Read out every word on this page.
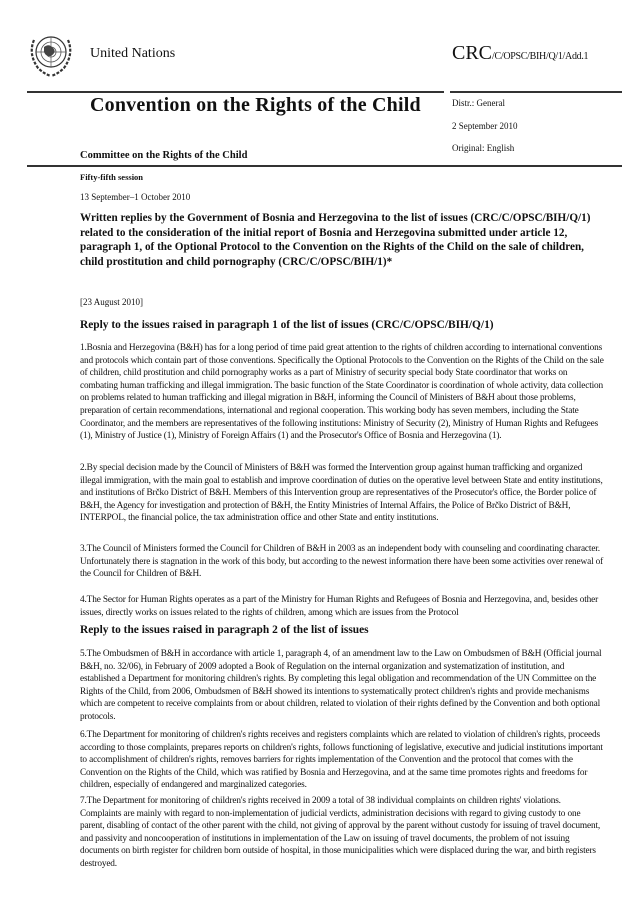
United Nations	CRC/C/OPSC/BIH/Q/1/Add.1
Convention on the Rights of the Child	Distr.: General
2 September 2010
Original: English
Committee on the Rights of the Child
Fifty-fifth session
13 September–1 October 2010
Written replies by the Government of Bosnia and Herzegovina to the list of issues (CRC/C/OPSC/BIH/Q/1) related to the consideration of the initial report of Bosnia and Herzegovina submitted under article 12, paragraph 1, of the Optional Protocol to the Convention on the Rights of the Child on the sale of children, child prostitution and child pornography (CRC/C/OPSC/BIH/1)*
[23 August 2010]
Reply to the issues raised in paragraph 1 of the list of issues (CRC/C/OPSC/BIH/Q/1)
1.Bosnia and Herzegovina (B&H) has for a long period of time paid great attention to the rights of children according to international conventions and protocols which contain part of those conventions. Specifically the Optional Protocols to the Convention on the Rights of the Child on the sale of children, child prostitution and child pornography works as a part of Ministry of security special body State coordinator that works on combating human trafficking and illegal immigration. The basic function of the State Coordinator is coordination of whole activity, data collection on problems related to human trafficking and illegal migration in B&H, informing the Council of Ministers of B&H about those problems, preparation of certain recommendations, international and regional cooperation. This working body has seven members, including the State Coordinator, and the members are representatives of the following institutions: Ministry of Security (2), Ministry of Human Rights and Refugees (1), Ministry of Justice (1), Ministry of Foreign Affairs (1) and the Prosecutor's Office of Bosnia and Herzegovina (1).
2.By special decision made by the Council of Ministers of B&H was formed the Intervention group against human trafficking and organized illegal immigration, with the main goal to establish and improve coordination of duties on the operative level between State and entity institutions, and institutions of Brčko District of B&H. Members of this Intervention group are representatives of the Prosecutor's office, the Border police of B&H, the Agency for investigation and protection of B&H, the Entity Ministries of Internal Affairs, the Police of Brčko District of B&H, INTERPOL, the financial police, the tax administration office and other State and entity institutions.
3.The Council of Ministers formed the Council for Children of B&H in 2003 as an independent body with counseling and coordinating character. Unfortunately there is stagnation in the work of this body, but according to the newest information there have been some activities over renewal of the Council for Children of B&H.
4.The Sector for Human Rights operates as a part of the Ministry for Human Rights and Refugees of Bosnia and Herzegovina, and, besides other issues, directly works on issues related to the rights of children, among which are issues from the Protocol
Reply to the issues raised in paragraph 2 of the list of issues
5.The Ombudsmen of B&H in accordance with article 1, paragraph 4, of an amendment law to the Law on Ombudsmen of B&H (Official journal B&H, no. 32/06), in February of 2009 adopted a Book of Regulation on the internal organization and systematization of institution, and established a Department for monitoring children's rights. By completing this legal obligation and recommendation of the UN Committee on the Rights of the Child, from 2006, Ombudsmen of B&H showed its intentions to systematically protect children's rights and provide mechanisms which are competent to receive complaints from or about children, related to violation of their rights defined by the Convention and both optional protocols.
6.The Department for monitoring of children's rights receives and registers complaints which are related to violation of children's rights, proceeds according to those complaints, prepares reports on children's rights, follows functioning of legislative, executive and judicial institutions important to accomplishment of children's rights, removes barriers for rights implementation of the Convention and the protocol that comes with the Convention on the Rights of the Child, which was ratified by Bosnia and Herzegovina, and at the same time promotes rights and freedoms for children, especially of endangered and marginalized categories.
7.The Department for monitoring of children's rights received in 2009 a total of 38 individual complaints on children rights' violations. Complaints are mainly with regard to non-implementation of judicial verdicts, administration decisions with regard to giving custody to one parent, disabling of contact of the other parent with the child, not giving of approval by the parent without custody for issuing of travel document, and passivity and noncooperation of institutions in implementation of the Law on issuing of travel documents, the problem of not issuing documents on birth register for children born outside of hospital, in those municipalities which were displaced during the war, and birth registers destroyed.
